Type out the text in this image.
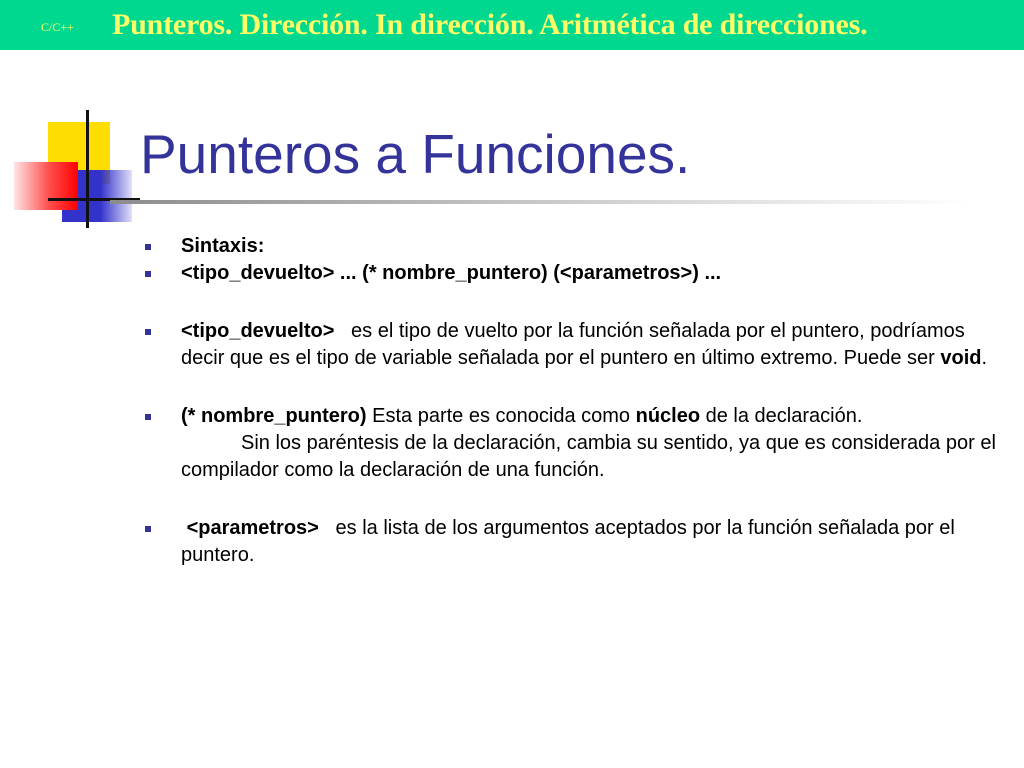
C/C++ Punteros. Dirección. In dirección. Aritmética de direcciones.
Punteros a Funciones.
Sintaxis:
<tipo_devuelto> ... (* nombre_puntero) (<parametros>) ...
<tipo_devuelto> es el tipo de vuelto por la función señalada por el puntero, podríamos decir que es el tipo de variable señalada por el puntero en último extremo. Puede ser void.
(* nombre_puntero) Esta parte es conocida como núcleo de la declaración.
Sin los paréntesis de la declaración, cambia su sentido, ya que es considerada por el compilador como la declaración de una función.
<parametros> es la lista de los argumentos aceptados por la función señalada por el puntero.
